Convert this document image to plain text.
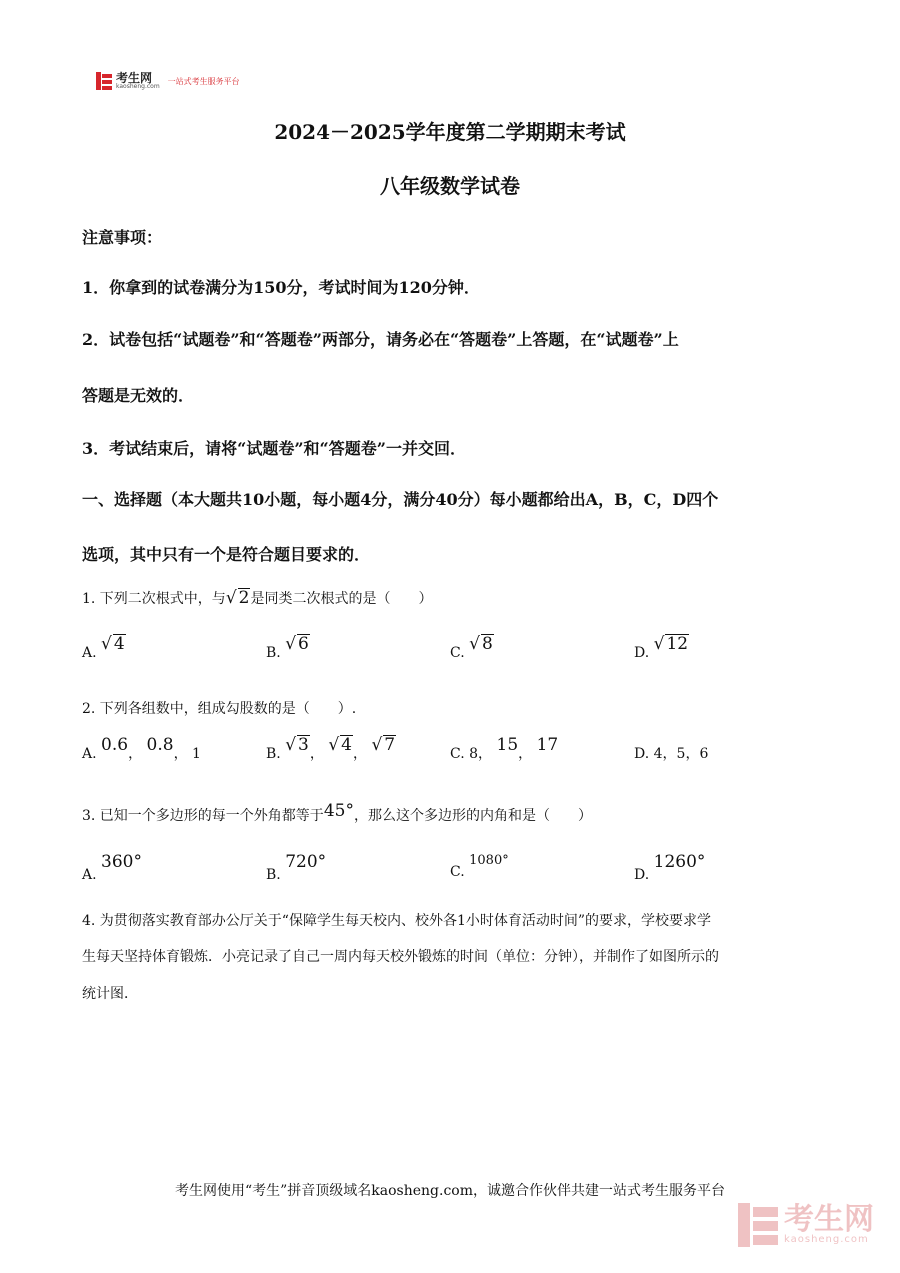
考生网
kaosheng.com
一站式考生服务平台
2024－2025学年度第二学期期末考试
八年级数学试卷
注意事项：
1．你拿到的试卷满分为150分，考试时间为120分钟．
2．试卷包括“试题卷”和“答题卷”两部分，请务必在“答题卷”上答题，在“试题卷”上
答题是无效的．
3．考试结束后，请将“试题卷”和“答题卷”一并交回．
一、选择题（本大题共10小题，每小题4分，满分40分）每小题都给出A，B，C，D四个
选项，其中只有一个是符合题目要求的．
1. 下列二次根式中，与√ 2是同类二次根式的是（　　）
A. √ 4	B. √ 6	C. √ 8	D. √ 12
2. 下列各组数中，组成勾股数的是（　　）.
A. 0.6， 0.8， 1	B. √ 3， √ 4， √ 7	C. 8， 15， 17	D. 4，5，6
3. 已知一个多边形的每一个外角都等于45°，那么这个多边形的内角和是（　　）
A. 360°
B. 720°	C. 1080°
D. 1260°
4. 为贯彻落实教育部办公厅关于“保障学生每天校内、校外各1小时体育活动时间”的要求，学校要求学
生每天坚持体育锻炼．小亮记录了自己一周内每天校外锻炼的时间（单位：分钟），并制作了如图所示的
统计图．
考生网使用“考生”拼音顶级域名kaosheng.com，诚邀合作伙伴共建一站式考生服务平台
考生网
kaosheng.com
